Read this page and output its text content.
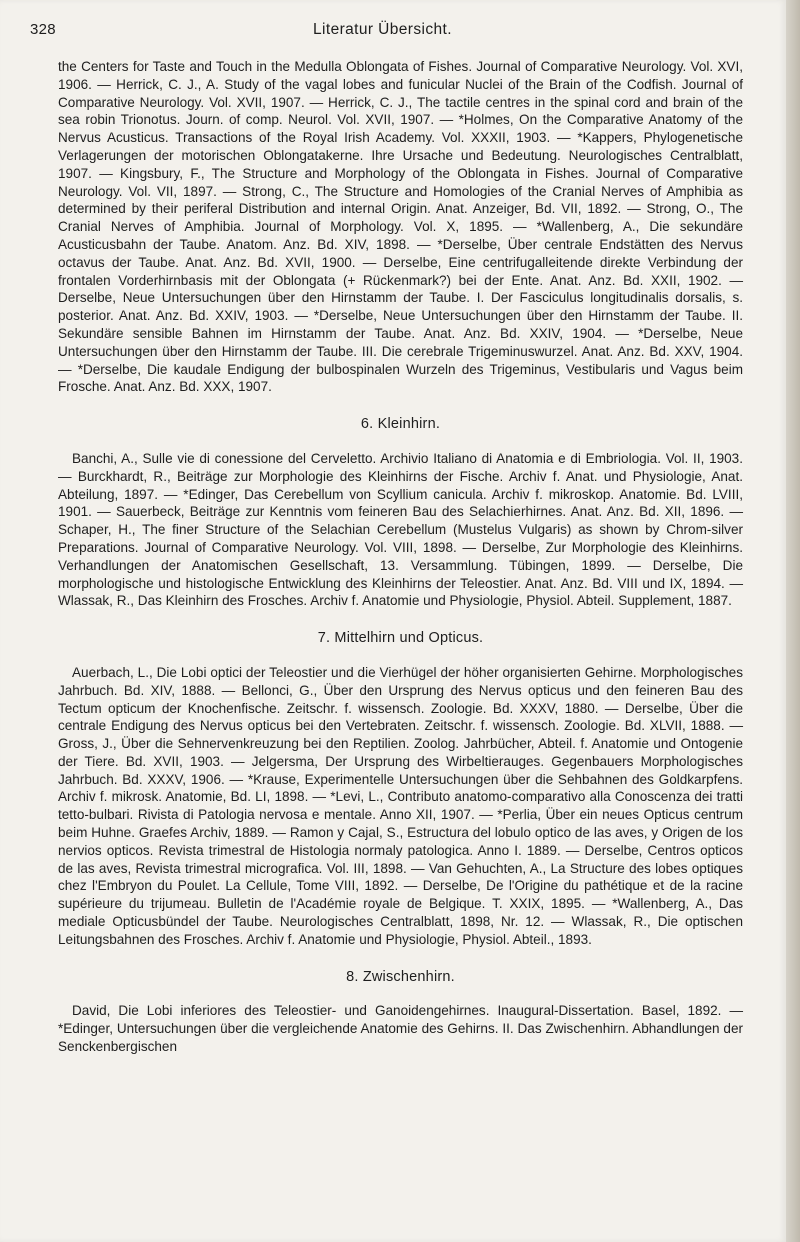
328	Literatur Übersicht.

the Centers for Taste and Touch in the Medulla Oblongata of Fishes. Journal of Comparative Neurology. Vol. XVI, 1906. — Herrick, C. J., A. Study of the vagal lobes and funicular Nuclei of the Brain of the Codfish. Journal of Comparative Neurology. Vol. XVII, 1907. — Herrick, C. J., The tactile centres in the spinal cord and brain of the sea robin Trionotus. Journ. of comp. Neurol. Vol. XVII, 1907. — *Holmes, On the Comparative Anatomy of the Nervus Acusticus. Transactions of the Royal Irish Academy. Vol. XXXII, 1903. — *Kappers, Phylogenetische Verlagerungen der motorischen Oblongatakerne. Ihre Ursache und Bedeutung. Neurologisches Centralblatt, 1907. — Kingsbury, F., The Structure and Morphology of the Oblongata in Fishes. Journal of Comparative Neurology. Vol. VII, 1897. — Strong, C., The Structure and Homologies of the Cranial Nerves of Amphibia as determined by their periferal Distribution and internal Origin. Anat. Anzeiger, Bd. VII, 1892. — Strong, O., The Cranial Nerves of Amphibia. Journal of Morphology. Vol. X, 1895. — *Wallenberg, A., Die sekundäre Acusticusbahn der Taube. Anatom. Anz. Bd. XIV, 1898. — *Derselbe, Über centrale Endstätten des Nervus octavus der Taube. Anat. Anz. Bd. XVII, 1900. — Derselbe, Eine centrifugalleitende direkte Verbindung der frontalen Vorderhirnbasis mit der Oblongata (+ Rückenmark?) bei der Ente. Anat. Anz. Bd. XXII, 1902. — Derselbe, Neue Untersuchungen über den Hirnstamm der Taube. I. Der Fasciculus longitudinalis dorsalis, s. posterior. Anat. Anz. Bd. XXIV, 1903. — *Derselbe, Neue Untersuchungen über den Hirnstamm der Taube. II. Sekundäre sensible Bahnen im Hirnstamm der Taube. Anat. Anz. Bd. XXIV, 1904. — *Derselbe, Neue Untersuchungen über den Hirnstamm der Taube. III. Die cerebrale Trigeminuswurzel. Anat. Anz. Bd. XXV, 1904. — *Derselbe, Die kaudale Endigung der bulbospinalen Wurzeln des Trigeminus, Vestibularis und Vagus beim Frosche. Anat. Anz. Bd. XXX, 1907.

6. Kleinhirn.

Banchi, A., Sulle vie di conessione del Cerveletto. Archivio Italiano di Anatomia e di Embriologia. Vol. II, 1903. — Burckhardt, R., Beiträge zur Morphologie des Kleinhirns der Fische. Archiv f. Anat. und Physiologie, Anat. Abteilung, 1897. — *Edinger, Das Cerebellum von Scyllium canicula. Archiv f. mikroskop. Anatomie. Bd. LVIII, 1901. — Sauerbeck, Beiträge zur Kenntnis vom feineren Bau des Selachierhirnes. Anat. Anz. Bd. XII, 1896. — Schaper, H., The finer Structure of the Selachian Cerebellum (Mustelus Vulgaris) as shown by Chrom-silver Preparations. Journal of Comparative Neurology. Vol. VIII, 1898. — Derselbe, Zur Morphologie des Kleinhirns. Verhandlungen der Anatomischen Gesellschaft, 13. Versammlung. Tübingen, 1899. — Derselbe, Die morphologische und histologische Entwicklung des Kleinhirns der Teleostier. Anat. Anz. Bd. VIII und IX, 1894. — Wlassak, R., Das Kleinhirn des Frosches. Archiv f. Anatomie und Physiologie, Physiol. Abteil. Supplement, 1887.

7. Mittelhirn und Opticus.

Auerbach, L., Die Lobi optici der Teleostier und die Vierhügel der höher organisierten Gehirne. Morphologisches Jahrbuch. Bd. XIV, 1888. — Bellonci, G., Über den Ursprung des Nervus opticus und den feineren Bau des Tectum opticum der Knochenfische. Zeitschr. f. wissensch. Zoologie. Bd. XXXV, 1880. — Derselbe, Über die centrale Endigung des Nervus opticus bei den Vertebraten. Zeitschr. f. wissensch. Zoologie. Bd. XLVII, 1888. — Gross, J., Über die Sehnervenkreuzung bei den Reptilien. Zoolog. Jahrbücher, Abteil. f. Anatomie und Ontogenie der Tiere. Bd. XVII, 1903. — Jelgersma, Der Ursprung des Wirbeltierauges. Gegenbauers Morphologisches Jahrbuch. Bd. XXXV, 1906. — *Krause, Experimentelle Untersuchungen über die Sehbahnen des Goldkarpfens. Archiv f. mikrosk. Anatomie, Bd. LI, 1898. — *Levi, L., Contributo anatomo-comparativo alla Conoscenza dei tratti tetto-bulbari. Rivista di Patologia nervosa e mentale. Anno XII, 1907. — *Perlia, Über ein neues Opticus centrum beim Huhne. Graefes Archiv, 1889. — Ramon y Cajal, S., Estructura del lobulo optico de las aves, y Origen de los nervios opticos. Revista trimestral de Histologia normaly patologica. Anno I. 1889. — Derselbe, Centros opticos de las aves, Revista trimestral micrografica. Vol. III, 1898. — Van Gehuchten, A., La Structure des lobes optiques chez l'Embryon du Poulet. La Cellule, Tome VIII, 1892. — Derselbe, De l'Origine du pathétique et de la racine supérieure du trijumeau. Bulletin de l'Académie royale de Belgique. T. XXIX, 1895. — *Wallenberg, A., Das mediale Opticusbündel der Taube. Neurologisches Centralblatt, 1898, Nr. 12. — Wlassak, R., Die optischen Leitungsbahnen des Frosches. Archiv f. Anatomie und Physiologie, Physiol. Abteil., 1893.

8. Zwischenhirn.

David, Die Lobi inferiores des Teleostier- und Ganoidengehirnes. Inaugural-Dissertation. Basel, 1892. — *Edinger, Untersuchungen über die vergleichende Anatomie des Gehirns. II. Das Zwischenhirn. Abhandlungen der Senckenbergischen
